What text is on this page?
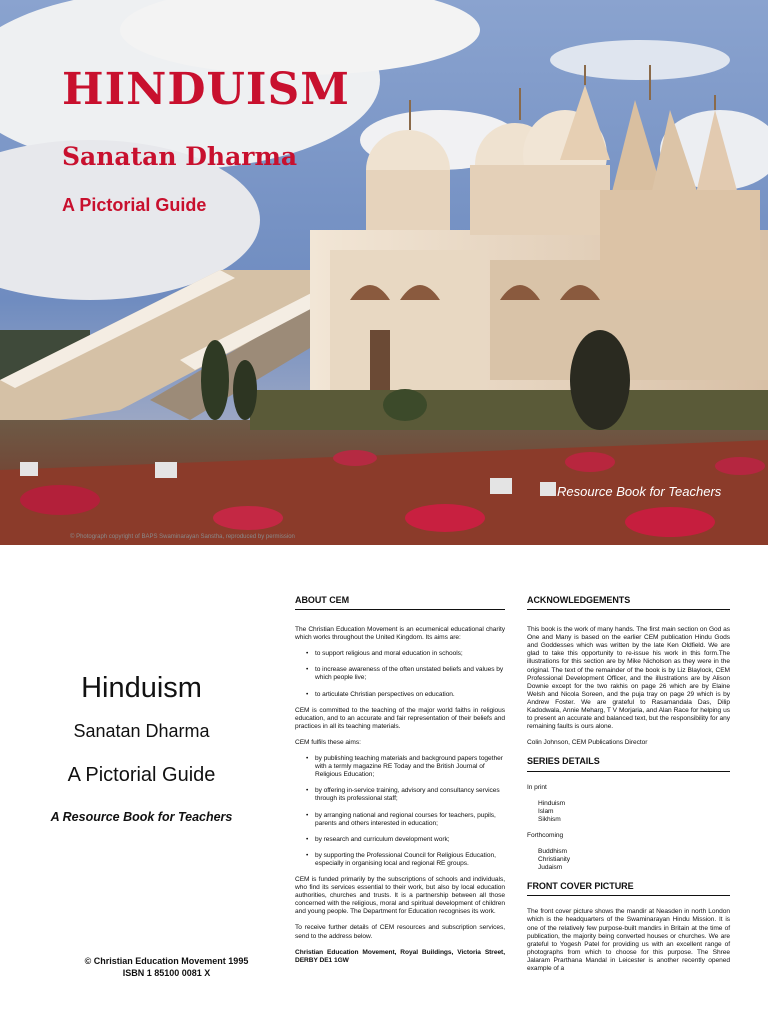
HINDUISM
Sanatan Dharma
A Pictorial Guide
Resource Book for Teachers
© Photograph copyright of BAPS Swaminarayan Sanstha, reproduced by permission
Hinduism
Sanatan Dharma
A Pictorial Guide
A Resource Book for Teachers
© Christian Education Movement 1995
ISBN 1 85100 0081 X
ABOUT CEM

The Christian Education Movement is an ecumenical educational charity which works throughout the United Kingdom. Its aims are:

• to support religious and moral education in schools;

• to increase awareness of the often unstated beliefs and values by which people live;

• to articulate Christian perspectives on education.

CEM is committed to the teaching of the major world faiths in religious education, and to an accurate and fair representation of their beliefs and practices in all its teaching materials.

CEM fulfils these aims:

• by publishing teaching materials and background papers together with a termly magazine RE Today and the British Journal of Religious Education;

• by offering in-service training, advisory and consultancy services through its professional staff;

• by arranging national and regional courses for teachers, pupils, parents and others interested in education;

• by research and curriculum development work;

• by supporting the Professional Council for Religious Education, especially in organising local and regional RE groups.

CEM is funded primarily by the subscriptions of schools and individuals, who find its services essential to their work, but also by local education authorities, churches and trusts. It is a partnership between all those concerned with the religious, moral and spiritual development of children and young people. The Department for Education recognises its work.

To receive further details of CEM resources and subscription services, send to the address below.

Christian Education Movement, Royal Buildings, Victoria Street, DERBY DE1 1GW

ACKNOWLEDGEMENTS

This book is the work of many hands. The first main section on God as One and Many is based on the earlier CEM publication Hindu Gods and Goddesses which was written by the late Ken Oldfield. We are glad to take this opportunity to re-issue his work in this form.The illustrations for this section are by Mike Nicholson as they were in the original. The text of the remainder of the book is by Liz Blaylock, CEM Professional Development Officer, and the illustrations are by Alison Downie except for the two rakhis on page 26 which are by Elaine Welsh and Nicola Soreen, and the puja tray on page 29 which is by Andrew Foster. We are grateful to Rasamandala Das, Dilip Kadodwala, Annie Meharg, T V Morjaria, and Alan Race for helping us to present an accurate and balanced text, but the responsibility for any remaining faults is ours alone.

Colin Johnson, CEM Publications Director

SERIES DETAILS

In print

Hinduism

Islam

Sikhism

Forthcoming

Buddhism

Christianity

Judaism

FRONT COVER PICTURE

The front cover picture shows the mandir at Neasden in north London which is the headquarters of the Swaminarayan Hindu Mission. It is one of the relatively few purpose-built mandirs in Britain at the time of publication, the majority being converted houses or churches. We are grateful to Yogesh Patel for providing us with an excellent range of photographs from which to choose for this purpose. The Shree Jalaram Prarthana Mandal in Leicester is another recently opened example of a
